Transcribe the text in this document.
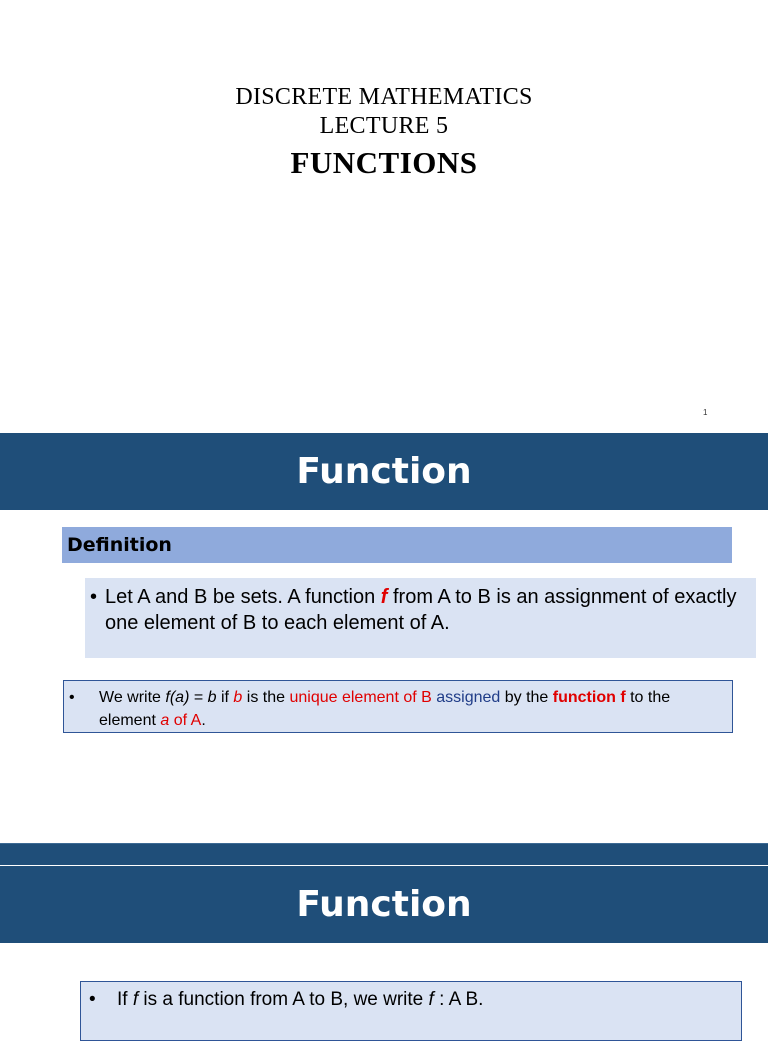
DISCRETE MATHEMATICS
LECTURE 5
FUNCTIONS
1
Function
Definition
• Let A and B be sets. A function f from A to B is an assignment of exactly one element of B to each element of A.
•	We write f(a) = b if b is the unique element of B assigned by the function f to the element a of A.
Function
•	If f is a function from A to B, we write f : A B.
